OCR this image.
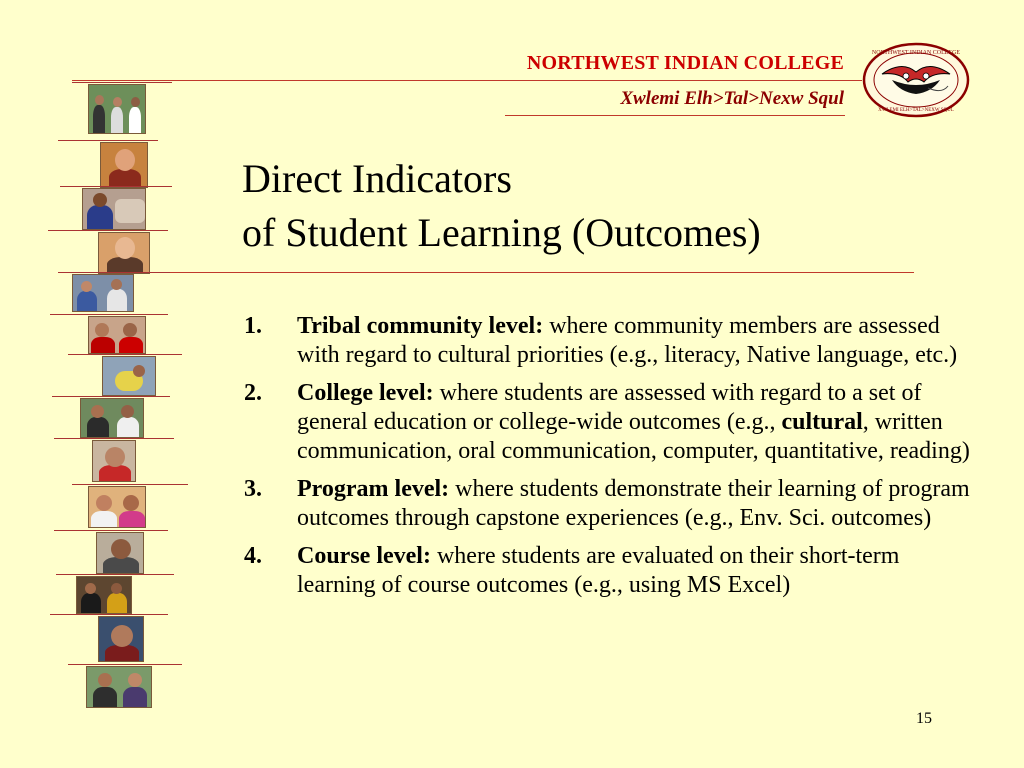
NORTHWEST INDIAN COLLEGE
Xwlemi Elh>Tal>Nexw Squl
NORTHWEST INDIAN COLLEGE
XWLEMI ELH>TAL>NEXW SQUL
Direct Indicators
of Student Learning (Outcomes)
1. Tribal community level: where community members are assessed with regard to cultural priorities (e.g., literacy, Native language, etc.)
2. College level: where students are assessed with regard to a set of general education or college-wide outcomes (e.g., cultural, written communication, oral communication, computer, quantitative, reading)
3. Program level: where students demonstrate their learning of program outcomes through capstone experiences (e.g., Env. Sci. outcomes)
4. Course level: where students are evaluated on their short-term learning of course outcomes (e.g., using MS Excel)
15
